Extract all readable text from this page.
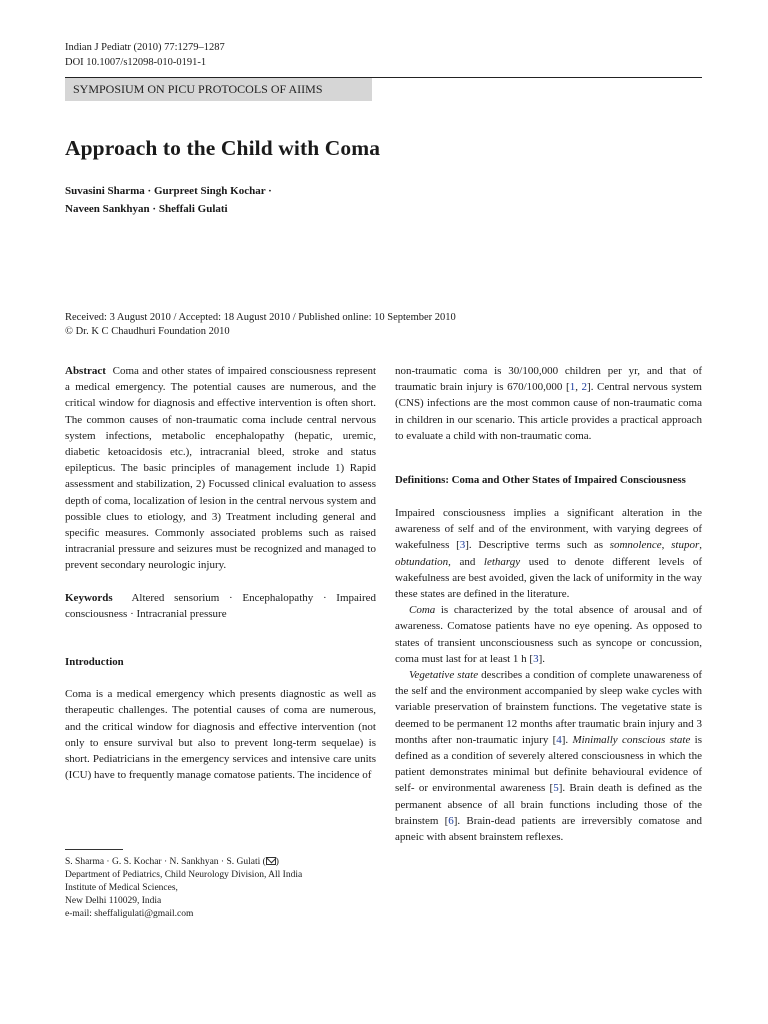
Indian J Pediatr (2010) 77:1279–1287
DOI 10.1007/s12098-010-0191-1
SYMPOSIUM ON PICU PROTOCOLS OF AIIMS
Approach to the Child with Coma
Suvasini Sharma · Gurpreet Singh Kochar ·
Naveen Sankhyan · Sheffali Gulati
Received: 3 August 2010 / Accepted: 18 August 2010 / Published online: 10 September 2010
© Dr. K C Chaudhuri Foundation 2010

Abstract Coma and other states of impaired consciousness represent a medical emergency. The potential causes are numerous, and the critical window for diagnosis and effective intervention is often short. The common causes of non-traumatic coma include central nervous system infections, metabolic encephalopathy (hepatic, uremic, diabetic ketoacidosis etc.), intracranial bleed, stroke and status epilepticus. The basic principles of management include 1) Rapid assessment and stabilization, 2) Focussed clinical evaluation to assess depth of coma, localization of lesion in the central nervous system and possible clues to etiology, and 3) Treatment including general and specific measures. Commonly associated problems such as raised intracranial pressure and seizures must be recognized and managed to prevent secondary neurologic injury.

Keywords Altered sensorium · Encephalopathy · Impaired consciousness · Intracranial pressure

Introduction

Coma is a medical emergency which presents diagnostic as well as therapeutic challenges. The potential causes of coma are numerous, and the critical window for diagnosis and effective intervention (not only to ensure survival but also to prevent long-term sequelae) is short. Pediatricians in the emergency services and intensive care units (ICU) have to frequently manage comatose patients. The incidence of

S. Sharma · G. S. Kochar · N. Sankhyan · S. Gulati ( )
Department of Pediatrics, Child Neurology Division, All India
Institute of Medical Sciences,
New Delhi 110029, India
e-mail: sheffaligulati@gmail.com

non-traumatic coma is 30/100,000 children per yr, and that of traumatic brain injury is 670/100,000 [1, 2]. Central nervous system (CNS) infections are the most common cause of non-traumatic coma in children in our scenario. This article provides a practical approach to evaluate a child with non-traumatic coma.

Definitions: Coma and Other States of Impaired Consciousness

Impaired consciousness implies a significant alteration in the awareness of self and of the environment, with varying degrees of wakefulness [3]. Descriptive terms such as somnolence, stupor, obtundation, and lethargy used to denote different levels of wakefulness are best avoided, given the lack of uniformity in the way these states are defined in the literature.

Coma is characterized by the total absence of arousal and of awareness. Comatose patients have no eye opening. As opposed to states of transient unconsciousness such as syncope or concussion, coma must last for at least 1 h [3].

Vegetative state describes a condition of complete unawareness of the self and the environment accompanied by sleep wake cycles with variable preservation of brainstem functions. The vegetative state is deemed to be permanent 12 months after traumatic brain injury and 3 months after non-traumatic injury [4]. Minimally conscious state is defined as a condition of severely altered consciousness in which the patient demonstrates minimal but definite behavioural evidence of self- or environmental awareness [5]. Brain death is defined as the permanent absence of all brain functions including those of the brainstem [6]. Brain-dead patients are irreversibly comatose and apneic with absent brainstem reflexes.
